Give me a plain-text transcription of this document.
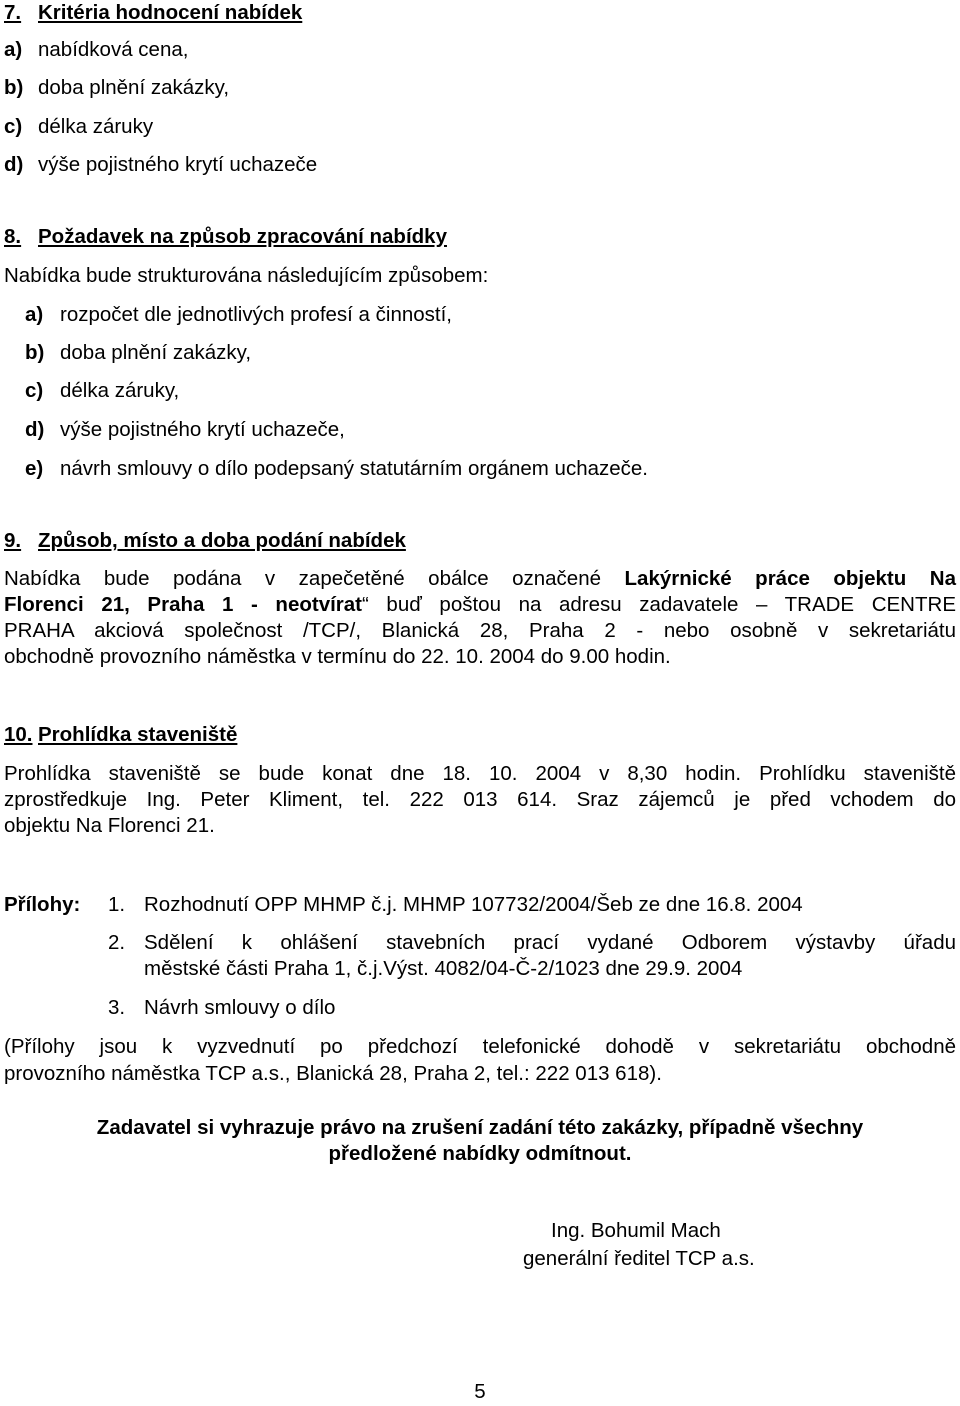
7. Kritéria hodnocení nabídek
a) nabídková cena,
b) doba plnění zakázky,
c) délka záruky
d) výše pojistného krytí uchazeče
8. Požadavek na způsob zpracování nabídky
Nabídka bude strukturována následujícím způsobem:
a) rozpočet dle jednotlivých profesí a činností,
b) doba plnění zakázky,
c) délka záruky,
d) výše pojistného krytí uchazeče,
e) návrh smlouvy o dílo podepsaný statutárním orgánem uchazeče.
9. Způsob, místo a doba podání nabídek
Nabídka bude podána v zapečetěné obálce označené Lakýrnické práce objektu Na
Florenci 21, Praha 1 - neotvírat“ buď poštou na adresu zadavatele – TRADE CENTRE
PRAHA akciová společnost /TCP/, Blanická 28, Praha 2 - nebo osobně v sekretariátu
obchodně provozního náměstka v termínu do 22. 10. 2004 do 9.00 hodin.
10. Prohlídka staveniště
Prohlídka staveniště se bude konat dne 18. 10. 2004 v 8,30 hodin. Prohlídku staveniště
zprostředkuje Ing. Peter Kliment, tel. 222 013 614. Sraz zájemců je před vchodem do
objektu Na Florenci 21.
Přílohy: 1. Rozhodnutí OPP MHMP č.j. MHMP 107732/2004/Šeb ze dne 16.8. 2004
2. Sdělení k ohlášení stavebních prací vydané Odborem výstavby úřadu
městské části Praha 1, č.j.Výst. 4082/04-Č-2/1023 dne 29.9. 2004
3. Návrh smlouvy o dílo
(Přílohy jsou k vyzvednutí po předchozí telefonické dohodě v sekretariátu obchodně
provozního náměstka TCP a.s., Blanická 28, Praha 2, tel.: 222 013 618).
Zadavatel si vyhrazuje právo na zrušení zadání této zakázky, případně všechny
předložené nabídky odmítnout.
Ing. Bohumil Mach
generální ředitel TCP a.s.
5
